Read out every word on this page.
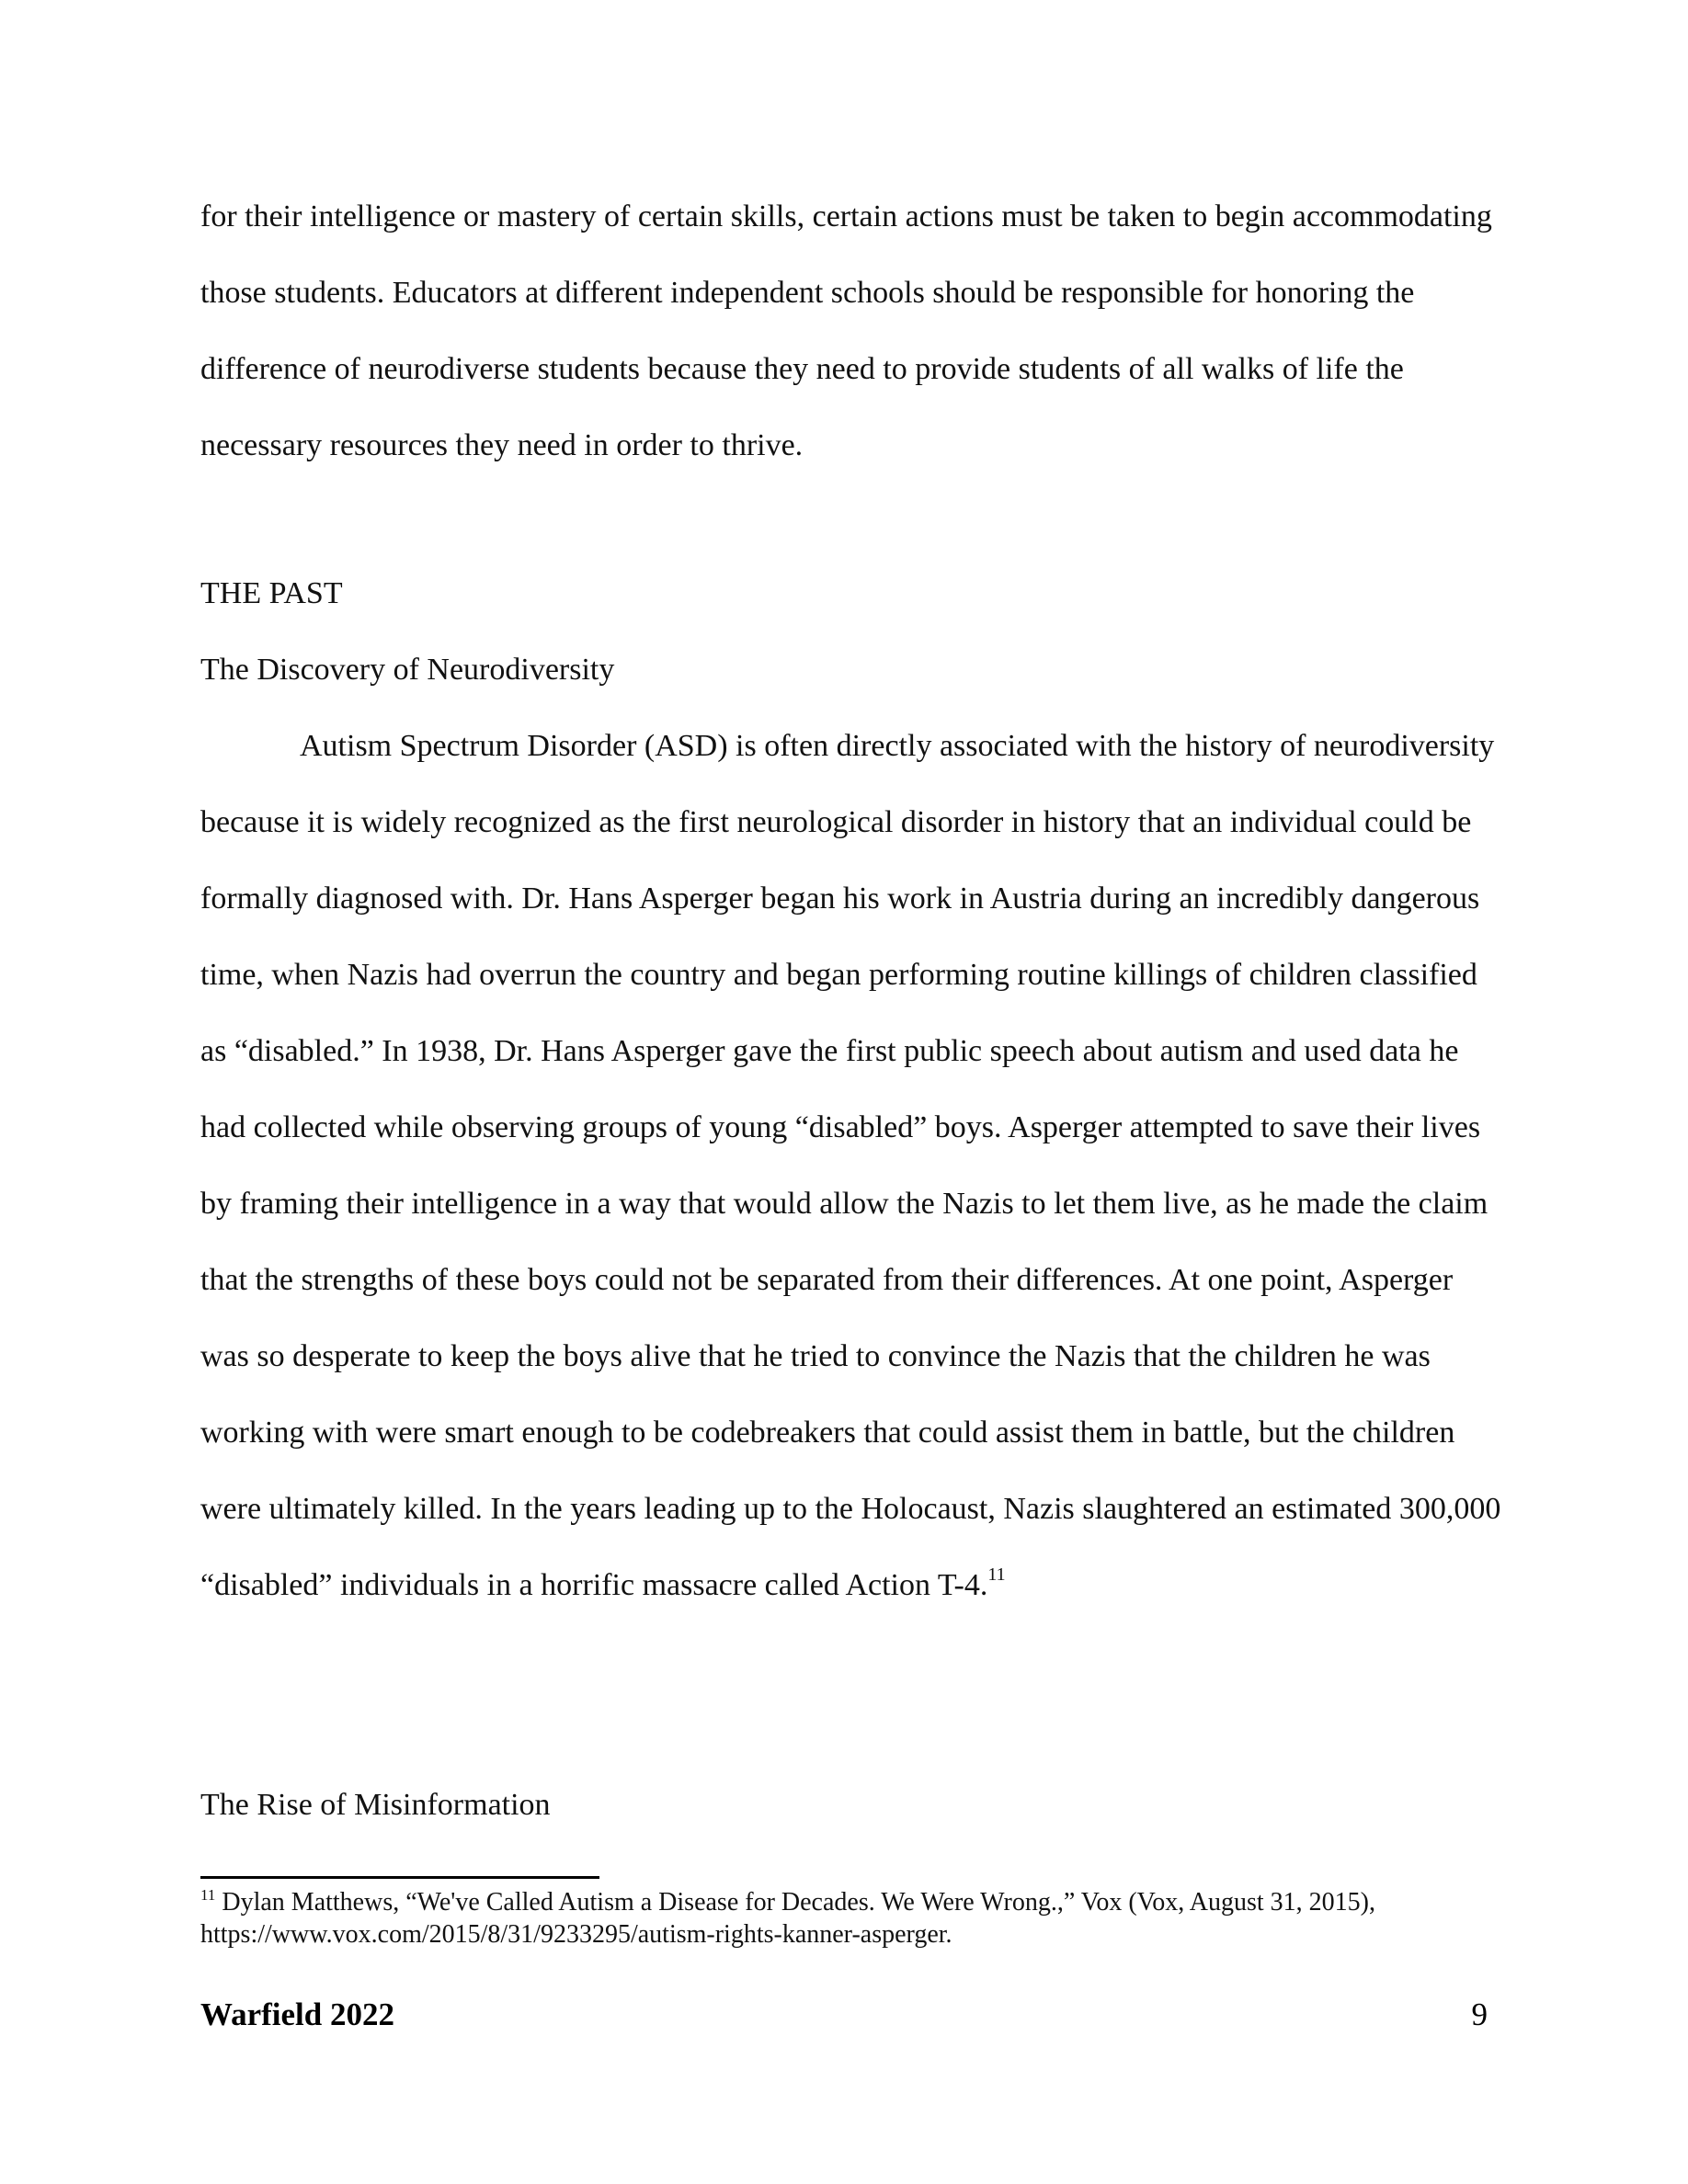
for their intelligence or mastery of certain skills, certain actions must be taken to begin accommodating those students. Educators at different independent schools should be responsible for honoring the difference of neurodiverse students because they need to provide students of all walks of life the necessary resources they need in order to thrive.

THE PAST

The Discovery of Neurodiversity

Autism Spectrum Disorder (ASD) is often directly associated with the history of neurodiversity because it is widely recognized as the first neurological disorder in history that an individual could be formally diagnosed with. Dr. Hans Asperger began his work in Austria during an incredibly dangerous time, when Nazis had overrun the country and began performing routine killings of children classified as “disabled.” In 1938, Dr. Hans Asperger gave the first public speech about autism and used data he had collected while observing groups of young “disabled” boys. Asperger attempted to save their lives by framing their intelligence in a way that would allow the Nazis to let them live, as he made the claim that the strengths of these boys could not be separated from their differences. At one point, Asperger was so desperate to keep the boys alive that he tried to convince the Nazis that the children he was working with were smart enough to be codebreakers that could assist them in battle, but the children were ultimately killed. In the years leading up to the Holocaust, Nazis slaughtered an estimated 300,000 “disabled” individuals in a horrific massacre called Action T-4.11

The Rise of Misinformation

$^{11}$ Dylan Matthews, “We've Called Autism a Disease for Decades. We Were Wrong.,” Vox (Vox, August 31, 2015), https://www.vox.com/2015/8/31/9233295/autism-rights-kanner-asperger.
Warfield 2022	9
